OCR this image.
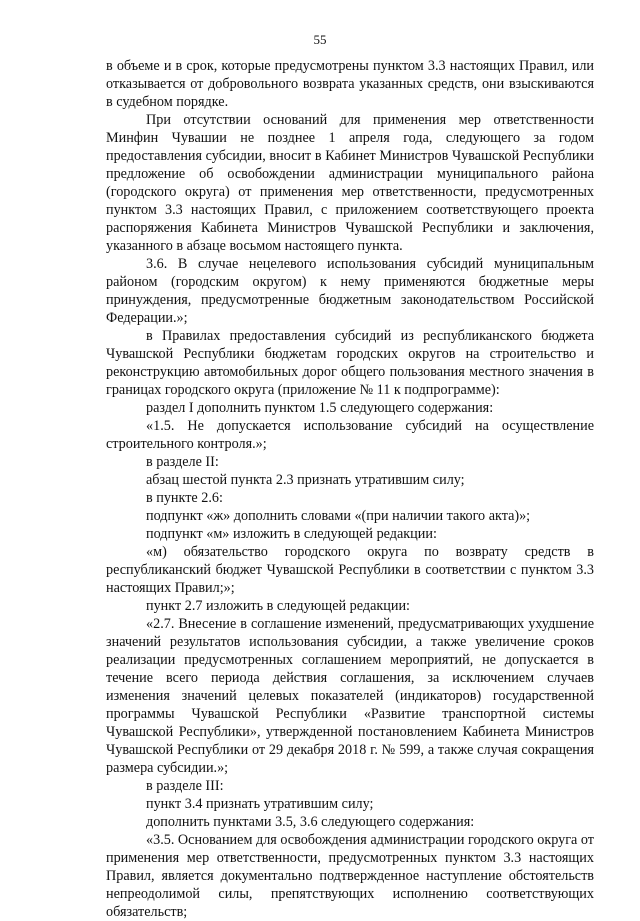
55

в объеме и в срок, которые предусмотрены пунктом 3.3 настоящих Правил, или отказывается от добровольного возврата указанных средств, они взыскиваются в судебном порядке.

При отсутствии оснований для применения мер ответственности Минфин Чувашии не позднее 1 апреля года, следующего за годом предоставления субсидии, вносит в Кабинет Министров Чувашской Республики предложение об освобождении администрации муниципального района (городского округа) от применения мер ответственности, предусмотренных пунктом 3.3 настоящих Правил, с приложением соответствующего проекта распоряжения Кабинета Министров Чувашской Республики и заключения, указанного в абзаце восьмом настоящего пункта.

3.6. В случае нецелевого использования субсидий муниципальным районом (городским округом) к нему применяются бюджетные меры принуждения, предусмотренные бюджетным законодательством Российской Федерации.»;

в Правилах предоставления субсидий из республиканского бюджета Чувашской Республики бюджетам городских округов на строительство и реконструкцию автомобильных дорог общего пользования местного значения в границах городского округа (приложение № 11 к подпрограмме):

раздел I дополнить пунктом 1.5 следующего содержания:

«1.5. Не допускается использование субсидий на осуществление строительного контроля.»;

в разделе II:

абзац шестой пункта 2.3 признать утратившим силу;

в пункте 2.6:

подпункт «ж» дополнить словами «(при наличии такого акта)»;

подпункт «м» изложить в следующей редакции:

«м) обязательство городского округа по возврату средств в республиканский бюджет Чувашской Республики в соответствии с пунктом 3.3 настоящих Правил;»;

пункт 2.7 изложить в следующей редакции:

«2.7. Внесение в соглашение изменений, предусматривающих ухудшение значений результатов использования субсидии, а также увеличение сроков реализации предусмотренных соглашением мероприятий, не допускается в течение всего периода действия соглашения, за исключением случаев изменения значений целевых показателей (индикаторов) государственной программы Чувашской Республики «Развитие транспортной системы Чувашской Республики», утвержденной постановлением Кабинета Министров Чувашской Республики от 29 декабря 2018 г. № 599, а также случая сокращения размера субсидии.»;

в разделе III:

пункт 3.4 признать утратившим силу;

дополнить пунктами 3.5, 3.6 следующего содержания:

«3.5. Основанием для освобождения администрации городского округа от применения мер ответственности, предусмотренных пунктом 3.3 настоящих Правил, является документально подтвержденное наступление обстоятельств непреодолимой силы, препятствующих исполнению соответствующих обязательств;
